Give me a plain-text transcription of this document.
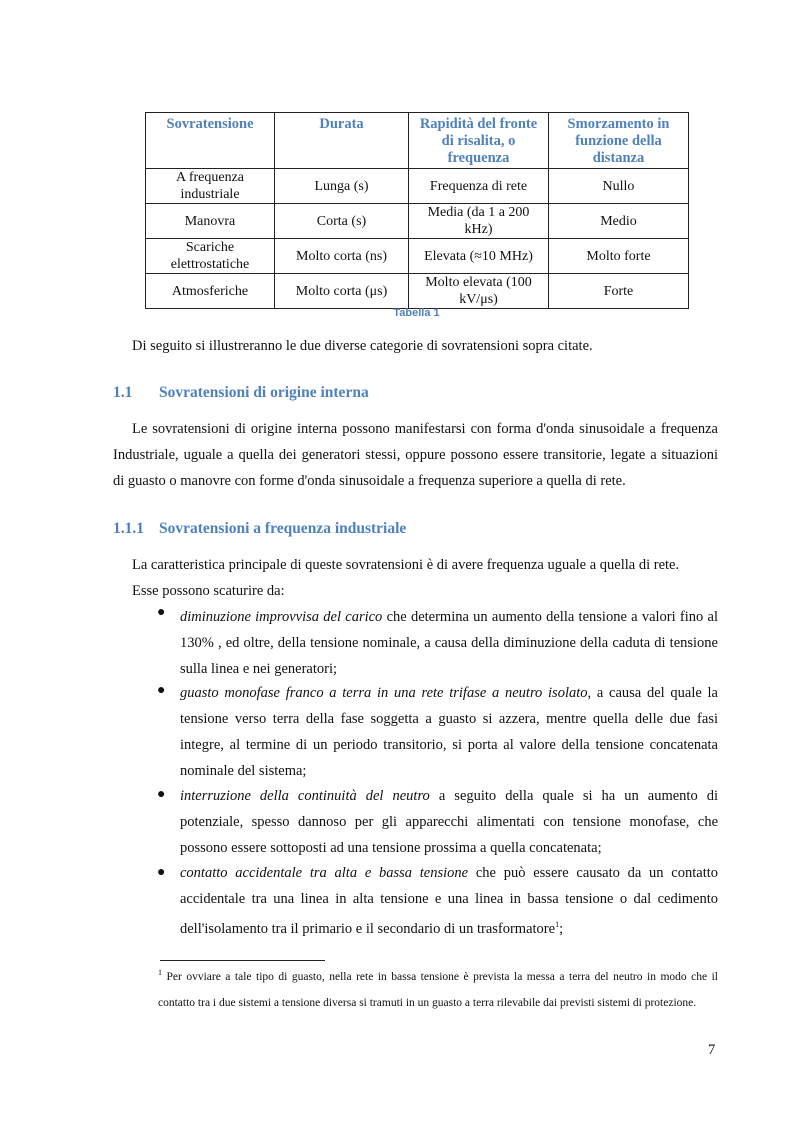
Sovratensione	Durata	Rapidità del fronte di risalita, o frequenza	Smorzamento in funzione della distanza
A frequenza industriale	Lunga (s)	Frequenza di rete	Nullo
Manovra	Corta (s)	Media (da 1 a 200 kHz)	Medio
Scariche elettrostatiche	Molto corta (ns)	Elevata (≈10 MHz)	Molto forte
Atmosferiche	Molto corta (μs)	Molto elevata (100 kV/μs)	Forte
Tabella 1
Di seguito si illustreranno le due diverse categorie di sovratensioni sopra citate.
1.1 Sovratensioni di origine interna
Le sovratensioni di origine interna possono manifestarsi con forma d'onda sinusoidale a frequenza
Industriale, uguale a quella dei generatori stessi, oppure possono essere transitorie, legate a situazioni
di guasto o manovre con forme d'onda sinusoidale a frequenza superiore a quella di rete.
1.1.1 Sovratensioni a frequenza industriale
La caratteristica principale di queste sovratensioni è di avere frequenza uguale a quella di rete.
Esse possono scaturire da:
● diminuzione improvvisa del carico che determina un aumento della tensione a valori fino al
130% , ed oltre, della tensione nominale, a causa della diminuzione della caduta di tensione
sulla linea e nei generatori;
● guasto monofase franco a terra in una rete trifase a neutro isolato, a causa del quale la
tensione verso terra della fase soggetta a guasto si azzera, mentre quella delle due fasi
integre, al termine di un periodo transitorio, si porta al valore della tensione concatenata
nominale del sistema;
● interruzione della continuità del neutro a seguito della quale si ha un aumento di
potenziale, spesso dannoso per gli apparecchi alimentati con tensione monofase, che
possono essere sottoposti ad una tensione prossima a quella concatenata;
● contatto accidentale tra alta e bassa tensione che può essere causato da un contatto
accidentale tra una linea in alta tensione e una linea in bassa tensione o dal cedimento
dell'isolamento tra il primario e il secondario di un trasformatore$^1$;
$^1$ Per ovviare a tale tipo di guasto, nella rete in bassa tensione è prevista la messa a terra del neutro in modo che il
contatto tra i due sistemi a tensione diversa si tramuti in un guasto a terra rilevabile dai previsti sistemi di protezione.
7
